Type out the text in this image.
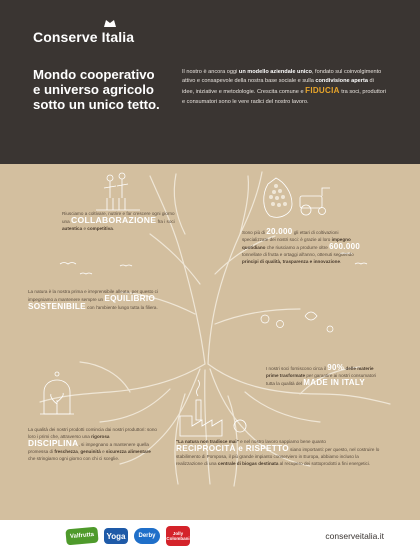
Conserve Italia
Mondo cooperativo
e universo agricolo
sotto un unico tetto.
Il nostro è ancora oggi un modello aziendale unico, fondato sul coinvolgimento attivo e consapevole della nostra base sociale e sulla condivisione aperta di idee, iniziative e metodologie. Crescita comune e FIDUCIA tra soci, produttori e consumatori sono le vere radici del nostro lavoro.
Riusciamo a coltivare, nutrire e far crescere ogni giorno una COLLABORAZIONE fra i soci autentica e competitiva.
Sono più di 20.000 gli ettari di coltivazioni specializzate dei nostri soci: è grazie al loro impegno quotidiano che riusciamo a produrre oltre 600.000 tonnellate di frutta e ortaggi all'anno, ottenuti seguendo principi di qualità, trasparenza e innovazione.
La natura è la nostra prima e irreprensibile alleata, per questo ci impegniamo a mantenere sempre un EQUILIBRIO SOSTENIBILE con l'ambiente lungo tutta la filiera.
I nostri soci forniscono circa il 90% delle materie prime trasformate per garantire ai nostri consumatori tutta la qualità del MADE IN ITALY
La qualità dei nostri prodotti comincia dai nostri produttori: sono loro i primi che, attraverso una rigorosa DISCIPLINA, si impegnano a mantenere quella promessa di freschezza, genuinità e sicurezza alimentare che stringiamo ogni giorno con chi ci sceglie.
"La natura non tradisce mai" e nel nostro lavoro sappiamo bene quanto RECIPROCITÀ e RISPETTO siano importanti: per questo, nel costruire lo stabilimento di Pomposa, il più grande impianto conserviero in Europa, abbiamo incluso la realizzazione di una centrale di biogas destinata al recupero dei sottoprodotti a fini energetici.
Valfrutta Yoga Derby	Jolly Colombani	conserveitalia.it
